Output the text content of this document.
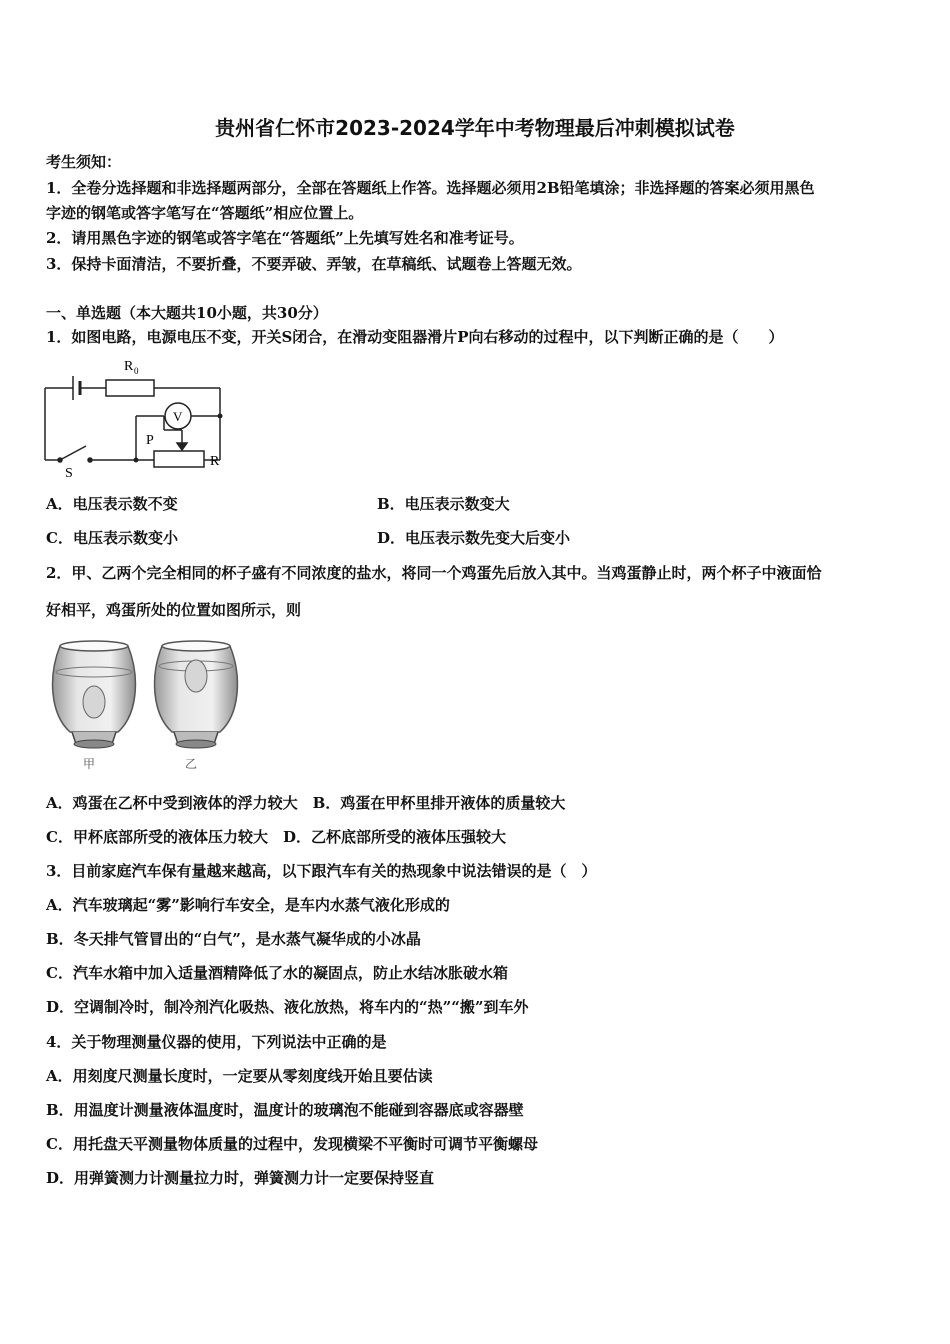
贵州省仁怀市2023-2024学年中考物理最后冲刺模拟试卷
考生须知：
1．全卷分选择题和非选择题两部分，全部在答题纸上作答。选择题必须用2B铅笔填涂；非选择题的答案必须用黑色
字迹的钢笔或答字笔写在“答题纸”相应位置上。
2．请用黑色字迹的钢笔或答字笔在“答题纸”上先填写姓名和准考证号。
3．保持卡面清洁，不要折叠，不要弄破、弄皱，在草稿纸、试题卷上答题无效。
一、单选题（本大题共10小题，共30分）
1．如图电路，电源电压不变，开关S闭合，在滑动变阻器滑片P向右移动的过程中，以下判断正确的是（　　）
R 0
V
P
R
S
A．电压表示数不变	B．电压表示数变大
C．电压表示数变小	D．电压表示数先变大后变小
2．甲、乙两个完全相同的杯子盛有不同浓度的盐水，将同一个鸡蛋先后放入其中。当鸡蛋静止时，两个杯子中液面恰
好相平，鸡蛋所处的位置如图所示，则
甲	乙
A．鸡蛋在乙杯中受到液体的浮力较大　B．鸡蛋在甲杯里排开液体的质量较大
C．甲杯底部所受的液体压力较大　D．乙杯底部所受的液体压强较大
3．目前家庭汽车保有量越来越高，以下跟汽车有关的热现象中说法错误的是（　）
A．汽车玻璃起“雾”影响行车安全，是车内水蒸气液化形成的
B．冬天排气管冒出的“白气”，是水蒸气凝华成的小冰晶
C．汽车水箱中加入适量酒精降低了水的凝固点，防止水结冰胀破水箱
D．空调制冷时，制冷剂汽化吸热、液化放热，将车内的“热”“搬”到车外
4．关于物理测量仪器的使用，下列说法中正确的是
A．用刻度尺测量长度时，一定要从零刻度线开始且要估读
B．用温度计测量液体温度时，温度计的玻璃泡不能碰到容器底或容器壁
C．用托盘天平测量物体质量的过程中，发现横梁不平衡时可调节平衡螺母
D．用弹簧测力计测量拉力时，弹簧测力计一定要保持竖直
